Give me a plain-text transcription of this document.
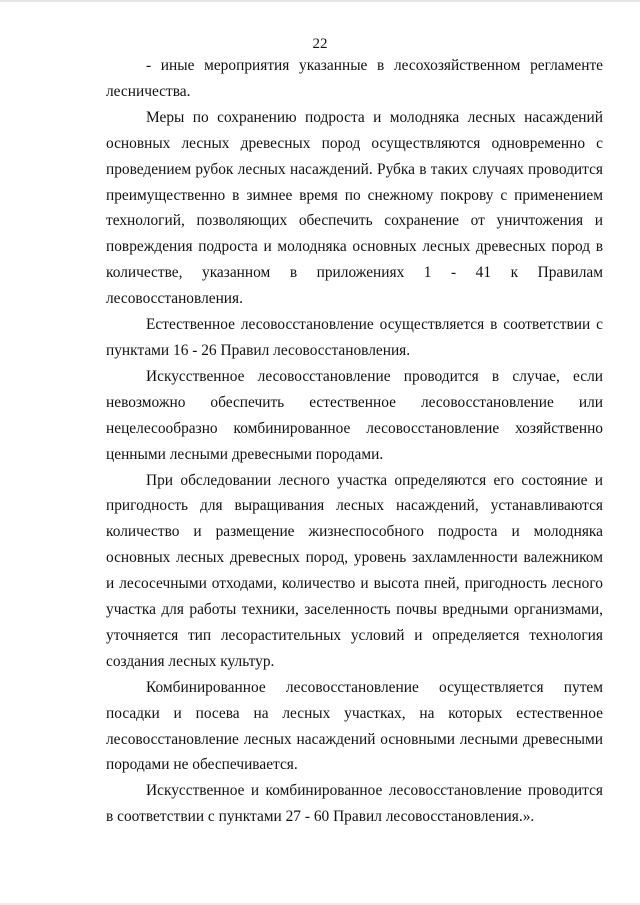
22

- иные мероприятия указанные в лесохозяйственном регламенте лесничества.

Меры по сохранению подроста и молодняка лесных насаждений основных лесных древесных пород осуществляются одновременно с проведением рубок лесных насаждений. Рубка в таких случаях проводится преимущественно в зимнее время по снежному покрову с применением технологий, позволяющих обеспечить сохранение от уничтожения и повреждения подроста и молодняка основных лесных древесных пород в количестве, указанном в приложениях 1 - 41 к Правилам лесовосстановления.

Естественное лесовосстановление осуществляется в соответствии с пунктами 16 - 26 Правил лесовосстановления.

Искусственное лесовосстановление проводится в случае, если невозможно обеспечить естественное лесовосстановление или нецелесообразно комбинированное лесовосстановление хозяйственно ценными лесными древесными породами.

При обследовании лесного участка определяются его состояние и пригодность для выращивания лесных насаждений, устанавливаются количество и размещение жизнеспособного подроста и молодняка основных лесных древесных пород, уровень захламленности валежником и лесосечными отходами, количество и высота пней, пригодность лесного участка для работы техники, заселенность почвы вредными организмами, уточняется тип лесорастительных условий и определяется технология создания лесных культур.

Комбинированное лесовосстановление осуществляется путем посадки и посева на лесных участках, на которых естественное лесовосстановление лесных насаждений основными лесными древесными породами не обеспечивается.

Искусственное и комбинированное лесовосстановление проводится в соответствии с пунктами 27 - 60 Правил лесовосстановления.».
